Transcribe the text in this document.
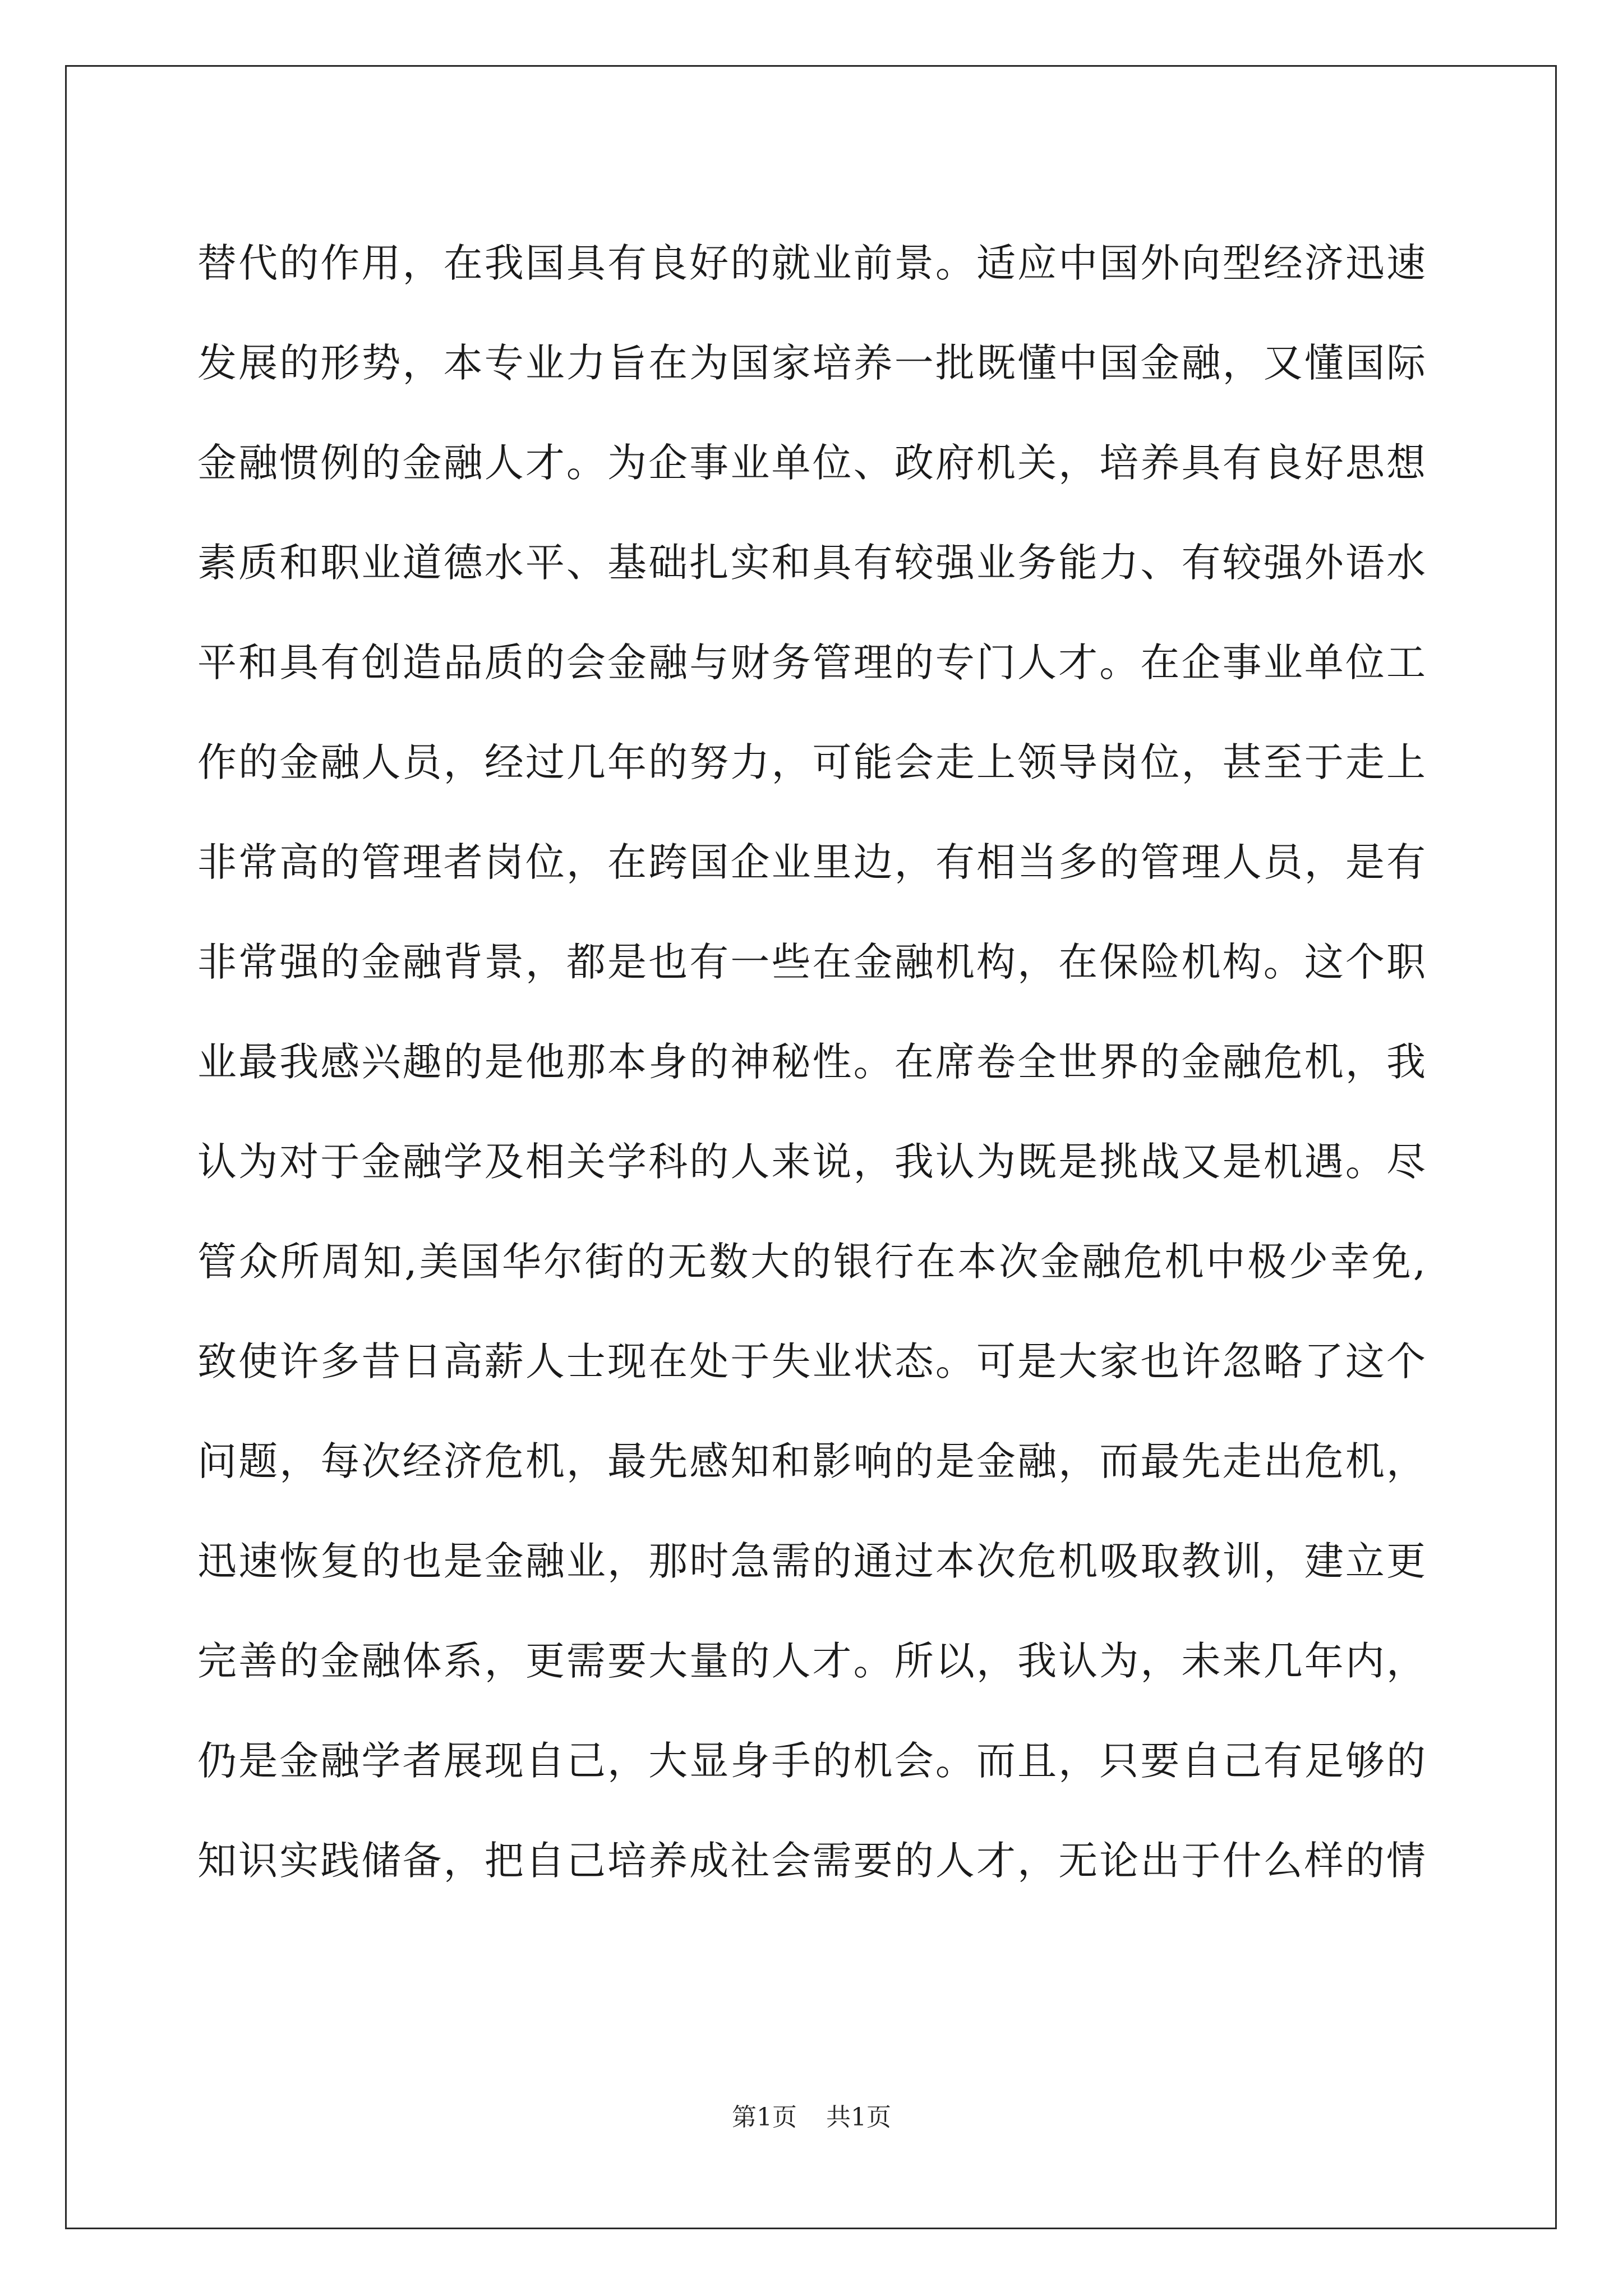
替代的作用，在我国具有良好的就业前景。适应中国外向型经济迅速
发展的形势，本专业力旨在为国家培养一批既懂中国金融，又懂国际
金融惯例的金融人才。为企事业单位、政府机关，培养具有良好思想
素质和职业道德水平、基础扎实和具有较强业务能力、有较强外语水
平和具有创造品质的会金融与财务管理的专门人才。在企事业单位工
作的金融人员，经过几年的努力，可能会走上领导岗位，甚至于走上
非常高的管理者岗位，在跨国企业里边，有相当多的管理人员，是有
非常强的金融背景，都是也有一些在金融机构，在保险机构。这个职
业最我感兴趣的是他那本身的神秘性。在席卷全世界的金融危机，我
认为对于金融学及相关学科的人来说，我认为既是挑战又是机遇。尽
管众所周知,美国华尔街的无数大的银行在本次金融危机中极少幸免,
致使许多昔日高薪人士现在处于失业状态。可是大家也许忽略了这个
问题，每次经济危机，最先感知和影响的是金融，而最先走出危机，
迅速恢复的也是金融业，那时急需的通过本次危机吸取教训，建立更
完善的金融体系，更需要大量的人才。所以，我认为，未来几年内，
仍是金融学者展现自己，大显身手的机会。而且，只要自己有足够的
知识实践储备，把自己培养成社会需要的人才，无论出于什么样的情
第1页 共1页
